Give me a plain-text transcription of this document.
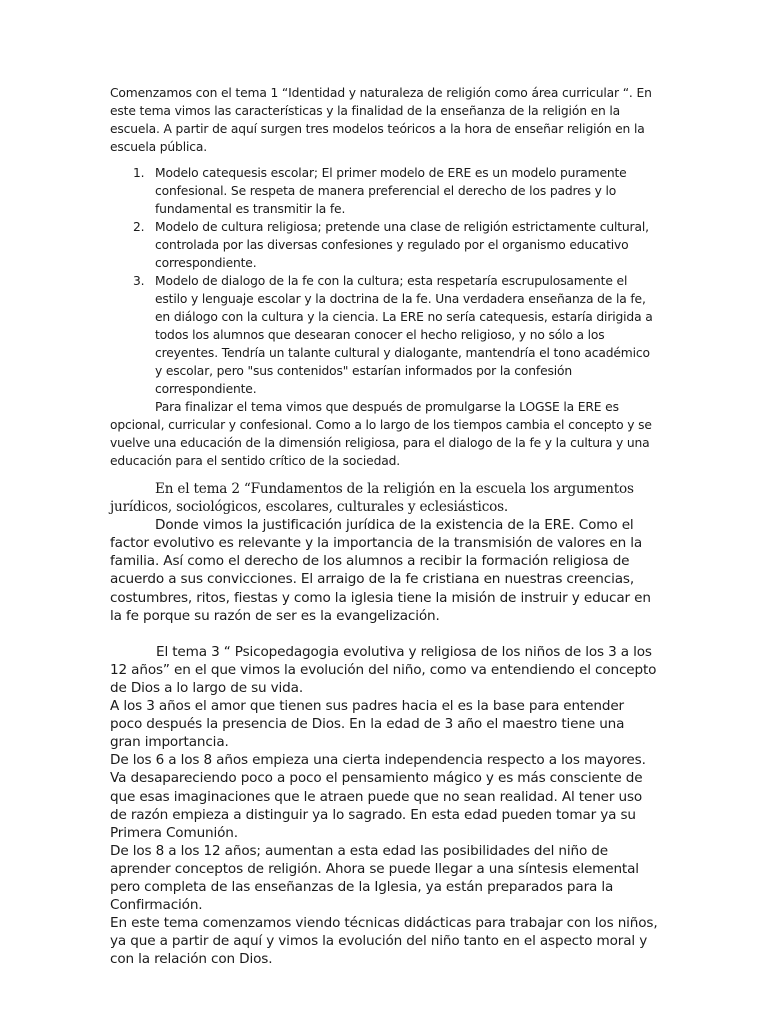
Comenzamos con el tema 1 “Identidad y naturaleza de religión como área curricular “. En este tema vimos las características y la finalidad de la enseñanza de la religión en la escuela. A partir de aquí surgen tres modelos teóricos a la hora de enseñar religión en la escuela pública.

1. Modelo catequesis escolar; El primer modelo de ERE es un modelo puramente confesional. Se respeta de manera preferencial el derecho de los padres y lo fundamental es transmitir la fe.
2. Modelo de cultura religiosa; pretende una clase de religión estrictamente cultural, controlada por las diversas confesiones y regulado por el organismo educativo correspondiente.
3. Modelo de dialogo de la fe con la cultura; esta respetaría escrupulosamente el estilo y lenguaje escolar y la doctrina de la fe. Una verdadera enseñanza de la fe, en diálogo con la cultura y la ciencia. La ERE no sería catequesis, estaría dirigida a todos los alumnos que desearan conocer el hecho religioso, y no sólo a los creyentes. Tendría un talante cultural y dialogante, mantendría el tono académico y escolar, pero "sus contenidos" estarían informados por la confesión correspondiente.

Para finalizar el tema vimos que después de promulgarse la LOGSE la ERE es opcional, curricular y confesional. Como a lo largo de los tiempos cambia el concepto y se vuelve una educación de la dimensión religiosa, para el dialogo de la fe y la cultura y una educación para el sentido crítico de la sociedad.

En el tema 2 “Fundamentos de la religión en la escuela los argumentos jurídicos, sociológicos, escolares, culturales y eclesiásticos.

Donde vimos la justificación jurídica de la existencia de la ERE. Como el factor evolutivo es relevante y la importancia de la transmisión de valores en la familia. Así como el derecho de los alumnos a recibir la formación religiosa de acuerdo a sus convicciones. El arraigo de la fe cristiana en nuestras creencias, costumbres, ritos, fiestas y como la iglesia tiene la misión de instruir y educar en la fe porque su razón de ser es la evangelización.

El tema 3 “ Psicopedagogia evolutiva y religiosa de los niños de los 3 a los 12 años” en el que vimos la evolución del niño, como va entendiendo el concepto de Dios a lo largo de su vida.

A los 3 años el amor que tienen sus padres hacia el es la base para entender poco después la presencia de Dios. En la edad de 3 año el maestro tiene una gran importancia.

De los 6 a los 8 años empieza una cierta independencia respecto a los mayores. Va desapareciendo poco a poco el pensamiento mágico y es más consciente de que esas imaginaciones que le atraen puede que no sean realidad. Al tener uso de razón empieza a distinguir ya lo sagrado. En esta edad pueden tomar ya su Primera Comunión.

De los 8 a los 12 años; aumentan a esta edad las posibilidades del niño de aprender conceptos de religión. Ahora se puede llegar a una síntesis elemental pero completa de las enseñanzas de la Iglesia, ya están preparados para la Confirmación.

En este tema comenzamos viendo técnicas didácticas para trabajar con los niños, ya que a partir de aquí y vimos la evolución del niño tanto en el aspecto moral y con la relación con Dios.
